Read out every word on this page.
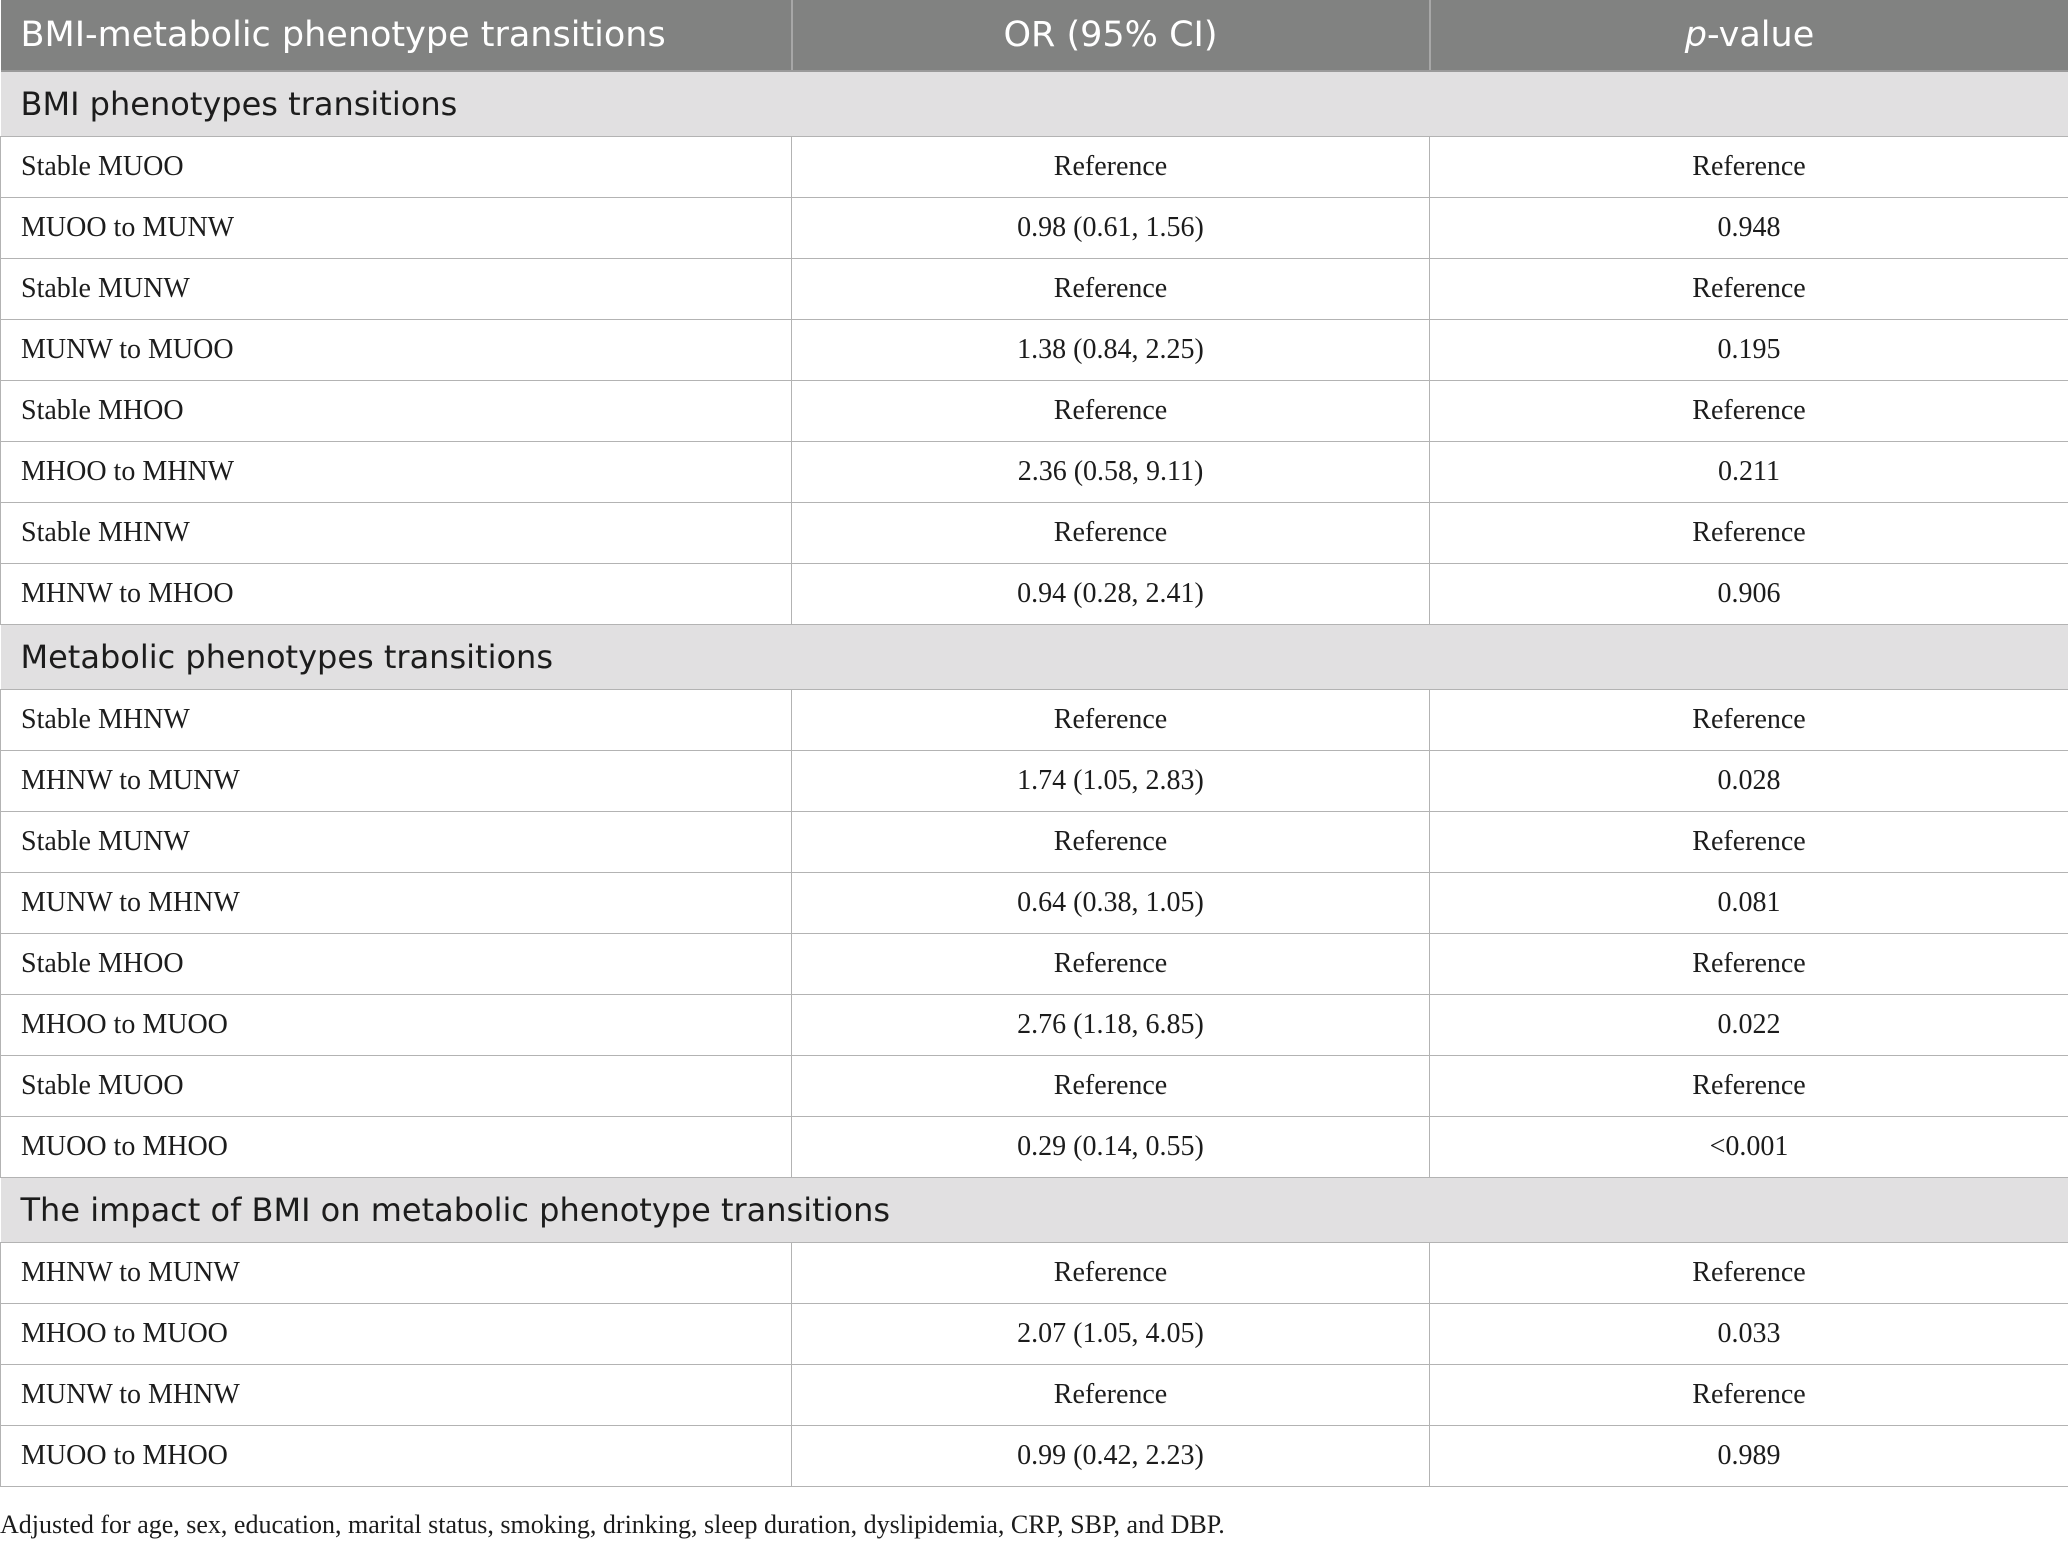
BMI-metabolic phenotype transitions	OR (95% CI)	p-value
BMI phenotypes transitions		
Stable MUOO	Reference	Reference
MUOO to MUNW	0.98 (0.61, 1.56)	0.948
Stable MUNW	Reference	Reference
MUNW to MUOO	1.38 (0.84, 2.25)	0.195
Stable MHOO	Reference	Reference
MHOO to MHNW	2.36 (0.58, 9.11)	0.211
Stable MHNW	Reference	Reference
MHNW to MHOO	0.94 (0.28, 2.41)	0.906
Metabolic phenotypes transitions		
Stable MHNW	Reference	Reference
MHNW to MUNW	1.74 (1.05, 2.83)	0.028
Stable MUNW	Reference	Reference
MUNW to MHNW	0.64 (0.38, 1.05)	0.081
Stable MHOO	Reference	Reference
MHOO to MUOO	2.76 (1.18, 6.85)	0.022
Stable MUOO	Reference	Reference
MUOO to MHOO	0.29 (0.14, 0.55)	<0.001
The impact of BMI on metabolic phenotype transitions		
MHNW to MUNW	Reference	Reference
MHOO to MUOO	2.07 (1.05, 4.05)	0.033
MUNW to MHNW	Reference	Reference
MUOO to MHOO	0.99 (0.42, 2.23)	0.989
Adjusted for age, sex, education, marital status, smoking, drinking, sleep duration, dyslipidemia, CRP, SBP, and DBP.
